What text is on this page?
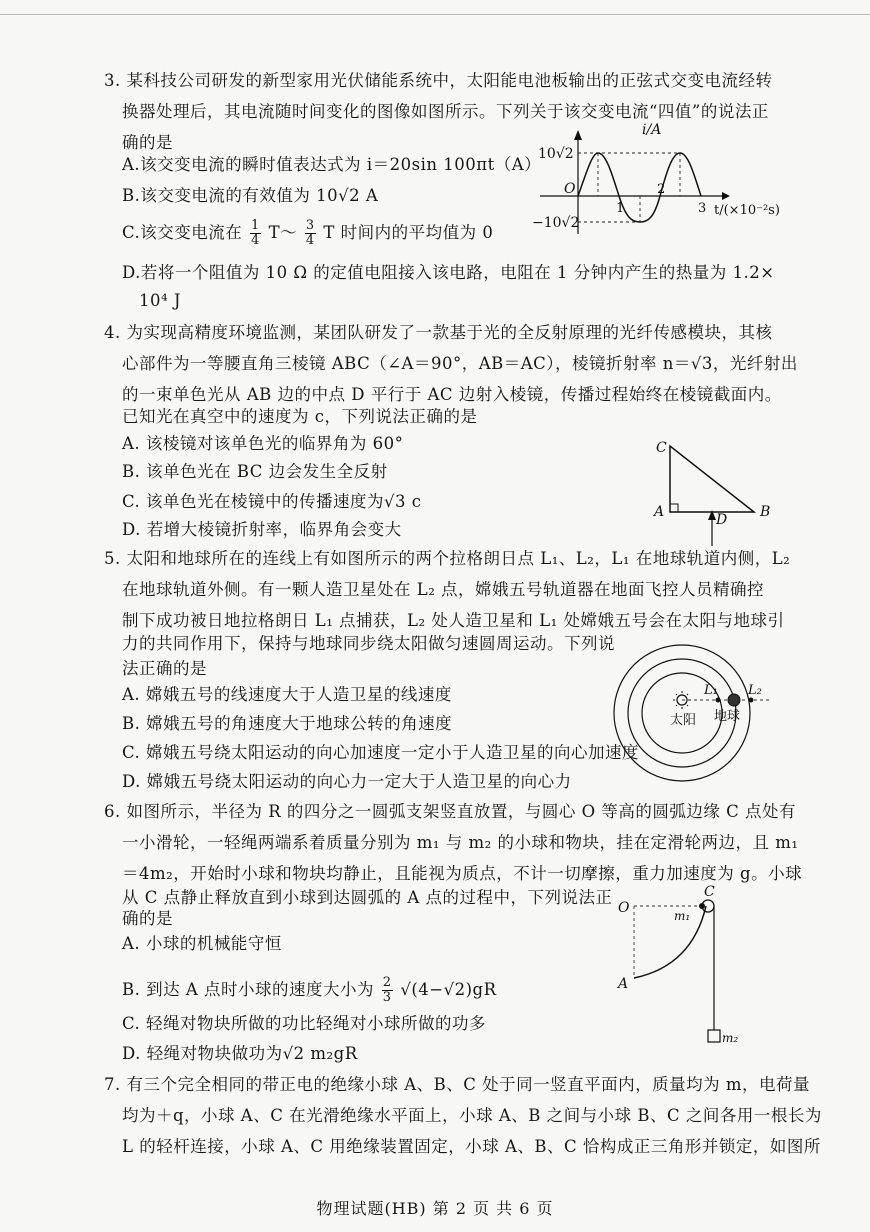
3. 某科技公司研发的新型家用光伏储能系统中，太阳能电池板输出的正弦式交变电流经转
换器处理后，其电流随时间变化的图像如图所示。下列关于该交变电流“四值”的说法正
确的是
A.该交变电流的瞬时值表达式为 i＝20sin 100πt（A）
B.该交变电流的有效值为 10√2 A
C.该交变电流在 $\frac{1}{4}$ T～ $\frac{3}{4}$ T 时间内的平均值为 0
D.若将一个阻值为 10 Ω 的定值电阻接入该电路，电阻在 1 分钟内产生的热量为 1.2×
10⁴ J
i/A
10√2
−10√2
O
1
2
3 t/(×10⁻²s)
4. 为实现高精度环境监测，某团队研发了一款基于光的全反射原理的光纤传感模块，其核
心部件为一等腰直角三棱镜 ABC（∠A＝90°，AB＝AC），棱镜折射率 n＝√3，光纤射出
的一束单色光从 AB 边的中点 D 平行于 AC 边射入棱镜，传播过程始终在棱镜截面内。
已知光在真空中的速度为 c，下列说法正确的是
A. 该棱镜对该单色光的临界角为 60°
B. 该单色光在 BC 边会发生全反射
C. 该单色光在棱镜中的传播速度为√3 c
D. 若增大棱镜折射率，临界角会变大
C
A	B
D
5. 太阳和地球所在的连线上有如图所示的两个拉格朗日点 L₁、L₂，L₁ 在地球轨道内侧，L₂
在地球轨道外侧。有一颗人造卫星处在 L₂ 点，嫦娥五号轨道器在地面飞控人员精确控
制下成功被日地拉格朗日 L₁ 点捕获，L₂ 处人造卫星和 L₁ 处嫦娥五号会在太阳与地球引
力的共同作用下，保持与地球同步绕太阳做匀速圆周运动。下列说
法正确的是
A. 嫦娥五号的线速度大于人造卫星的线速度
B. 嫦娥五号的角速度大于地球公转的角速度
C. 嫦娥五号绕太阳运动的向心加速度一定小于人造卫星的向心加速度
D. 嫦娥五号绕太阳运动的向心力一定大于人造卫星的向心力
L₁ L₂
太阳 地球
6. 如图所示，半径为 R 的四分之一圆弧支架竖直放置，与圆心 O 等高的圆弧边缘 C 点处有
一小滑轮，一轻绳两端系着质量分别为 m₁ 与 m₂ 的小球和物块，挂在定滑轮两边，且 m₁
＝4m₂，开始时小球和物块均静止，且能视为质点，不计一切摩擦，重力加速度为 g。小球
从 C 点静止释放直到小球到达圆弧的 A 点的过程中，下列说法正
确的是
A. 小球的机械能守恒
B. 到达 A 点时小球的速度大小为 $\frac{2}{3} √(4-√2)gR$
C. 轻绳对物块所做的功比轻绳对小球所做的功多
D. 轻绳对物块做功为√2 m₂gR
O
C
m₁
A
m₂
7. 有三个完全相同的带正电的绝缘小球 A、B、C 处于同一竖直平面内，质量均为 m，电荷量
均为＋q，小球 A、C 在光滑绝缘水平面上，小球 A、B 之间与小球 B、C 之间各用一根长为
L 的轻杆连接，小球 A、C 用绝缘装置固定，小球 A、B、C 恰构成正三角形并锁定，如图所
物理试题(HB) 第 2 页 共 6 页
